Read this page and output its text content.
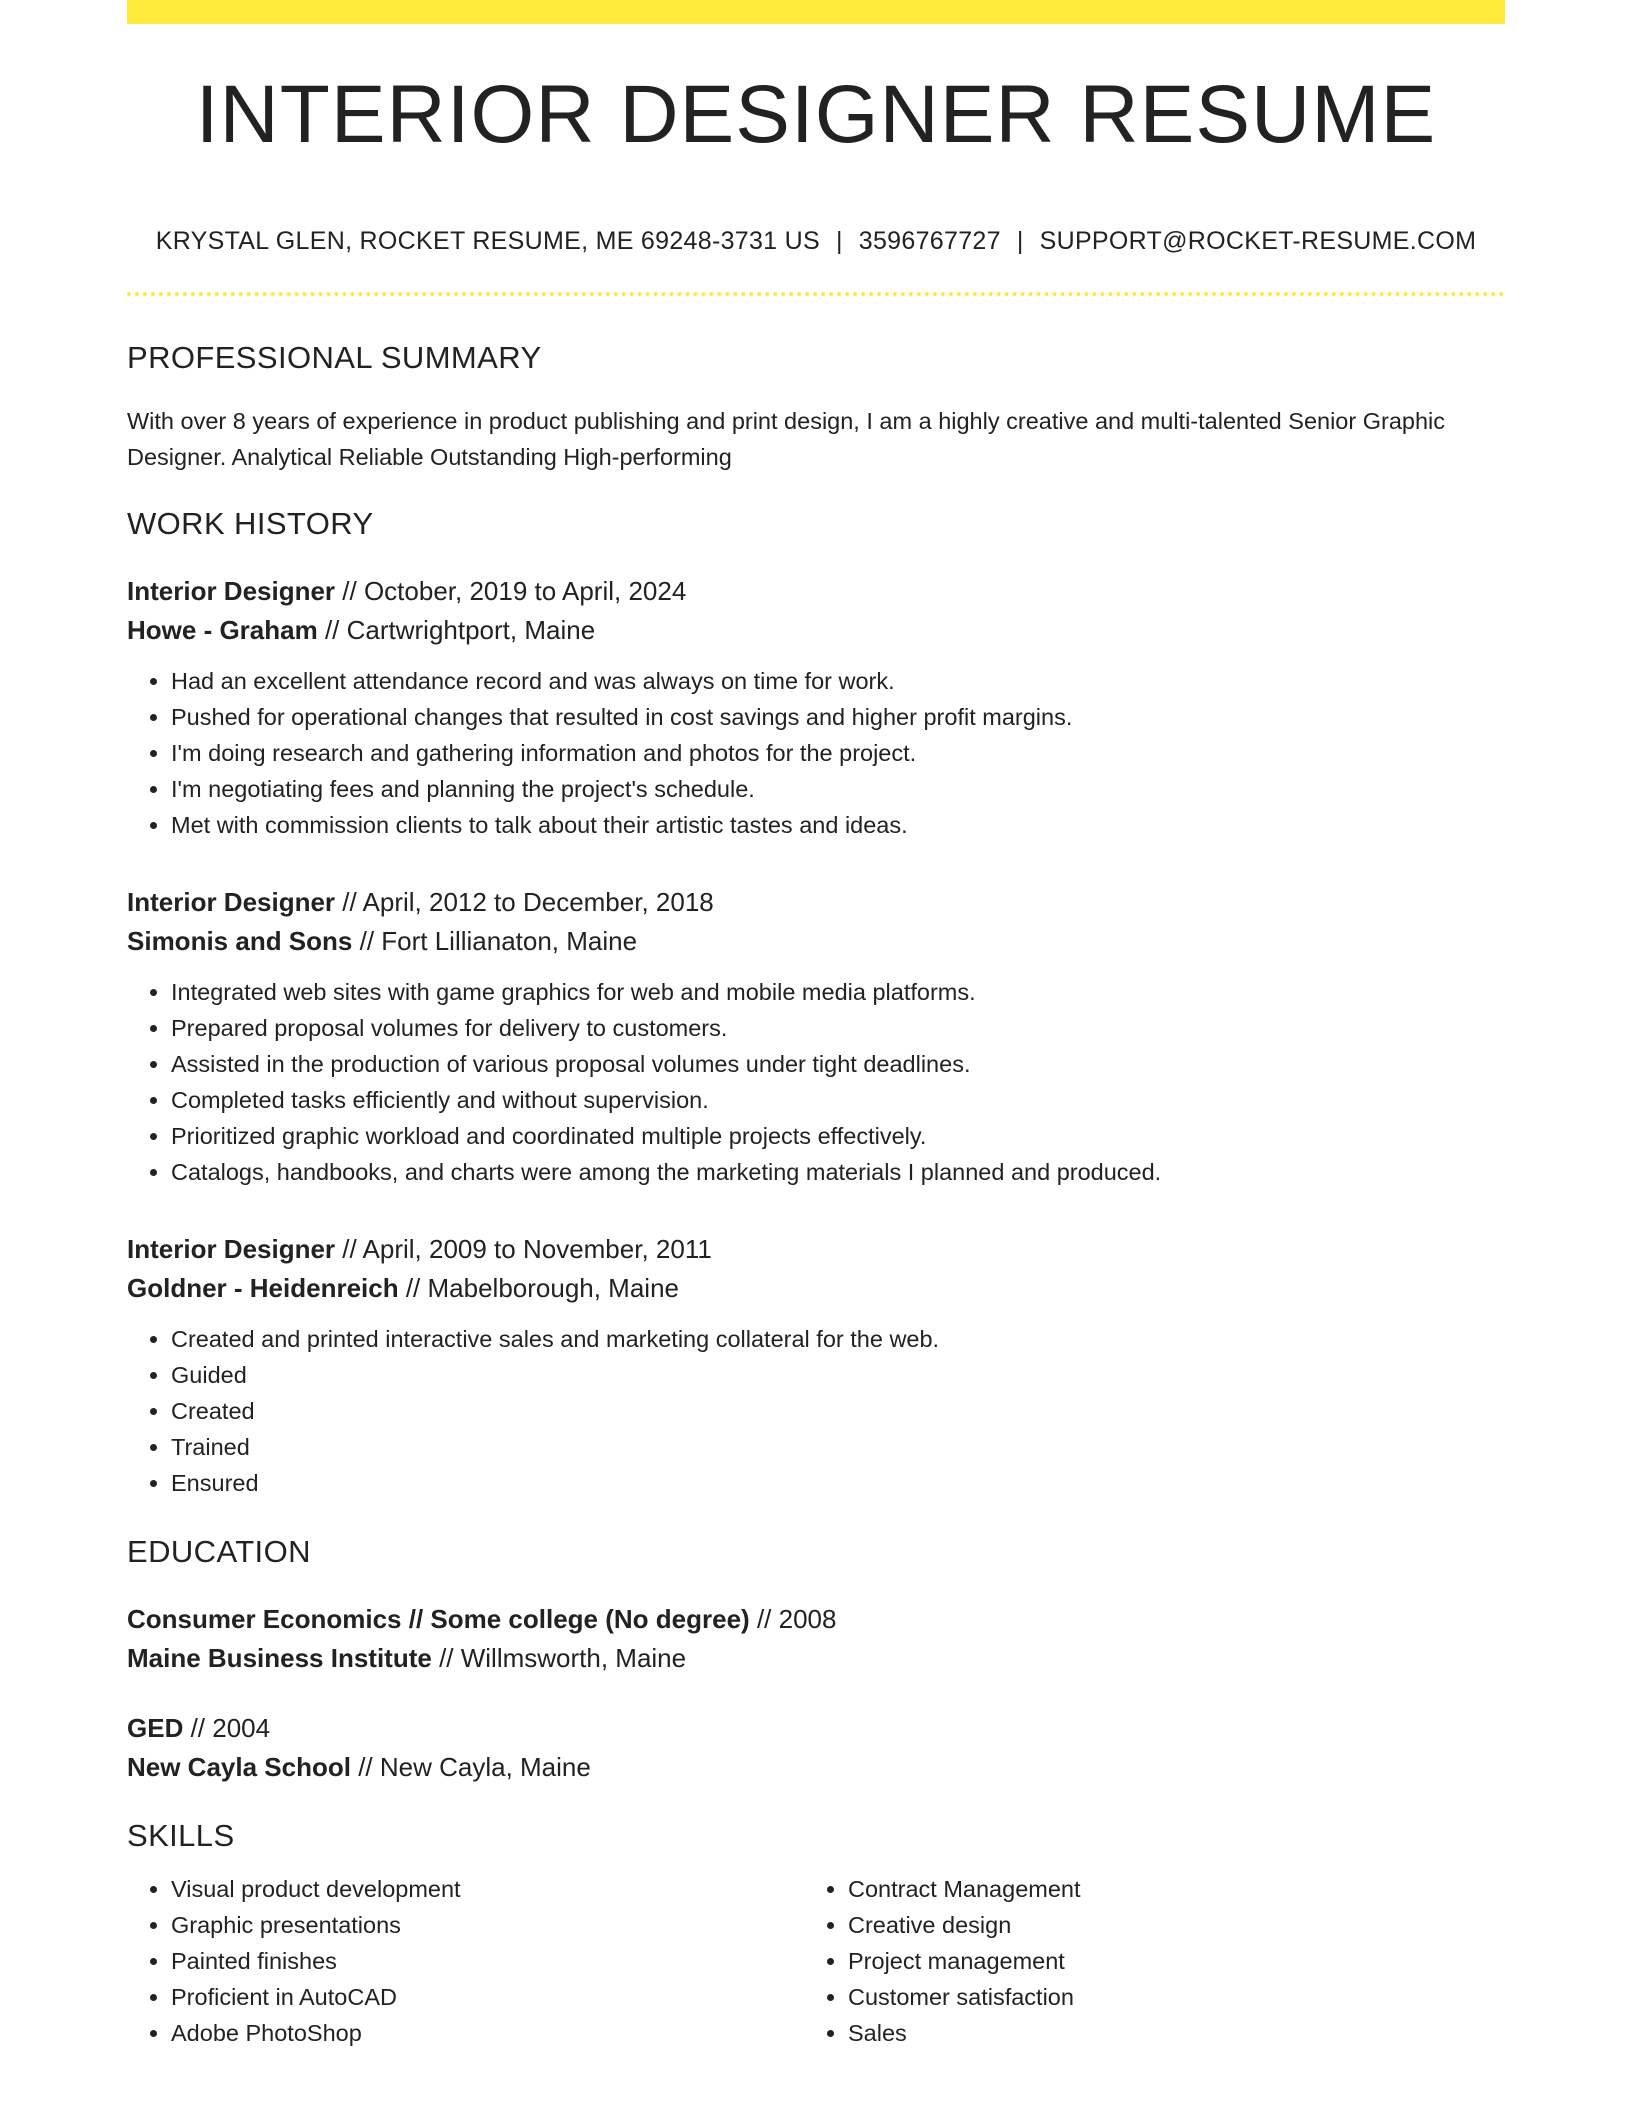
INTERIOR DESIGNER RESUME
KRYSTAL GLEN, ROCKET RESUME, ME 69248-3731 US | 3596767727 | SUPPORT@ROCKET-RESUME.COM
PROFESSIONAL SUMMARY
With over 8 years of experience in product publishing and print design, I am a highly creative and multi-talented Senior Graphic Designer. Analytical Reliable Outstanding High-performing
WORK HISTORY
Interior Designer // October, 2019 to April, 2024
Howe - Graham // Cartwrightport, Maine
• Had an excellent attendance record and was always on time for work.
• Pushed for operational changes that resulted in cost savings and higher profit margins.
• I'm doing research and gathering information and photos for the project.
• I'm negotiating fees and planning the project's schedule.
• Met with commission clients to talk about their artistic tastes and ideas.
Interior Designer // April, 2012 to December, 2018
Simonis and Sons // Fort Lillianaton, Maine
• Integrated web sites with game graphics for web and mobile media platforms.
• Prepared proposal volumes for delivery to customers.
• Assisted in the production of various proposal volumes under tight deadlines.
• Completed tasks efficiently and without supervision.
• Prioritized graphic workload and coordinated multiple projects effectively.
• Catalogs, handbooks, and charts were among the marketing materials I planned and produced.
Interior Designer // April, 2009 to November, 2011
Goldner - Heidenreich // Mabelborough, Maine
• Created and printed interactive sales and marketing collateral for the web.
• Guided
• Created
• Trained
• Ensured
EDUCATION
Consumer Economics // Some college (No degree) // 2008
Maine Business Institute // Willmsworth, Maine
GED // 2004
New Cayla School // New Cayla, Maine
SKILLS
• Visual product development
• Graphic presentations
• Painted finishes
• Proficient in AutoCAD
• Adobe PhotoShop
• Contract Management
• Creative design
• Project management
• Customer satisfaction
• Sales
